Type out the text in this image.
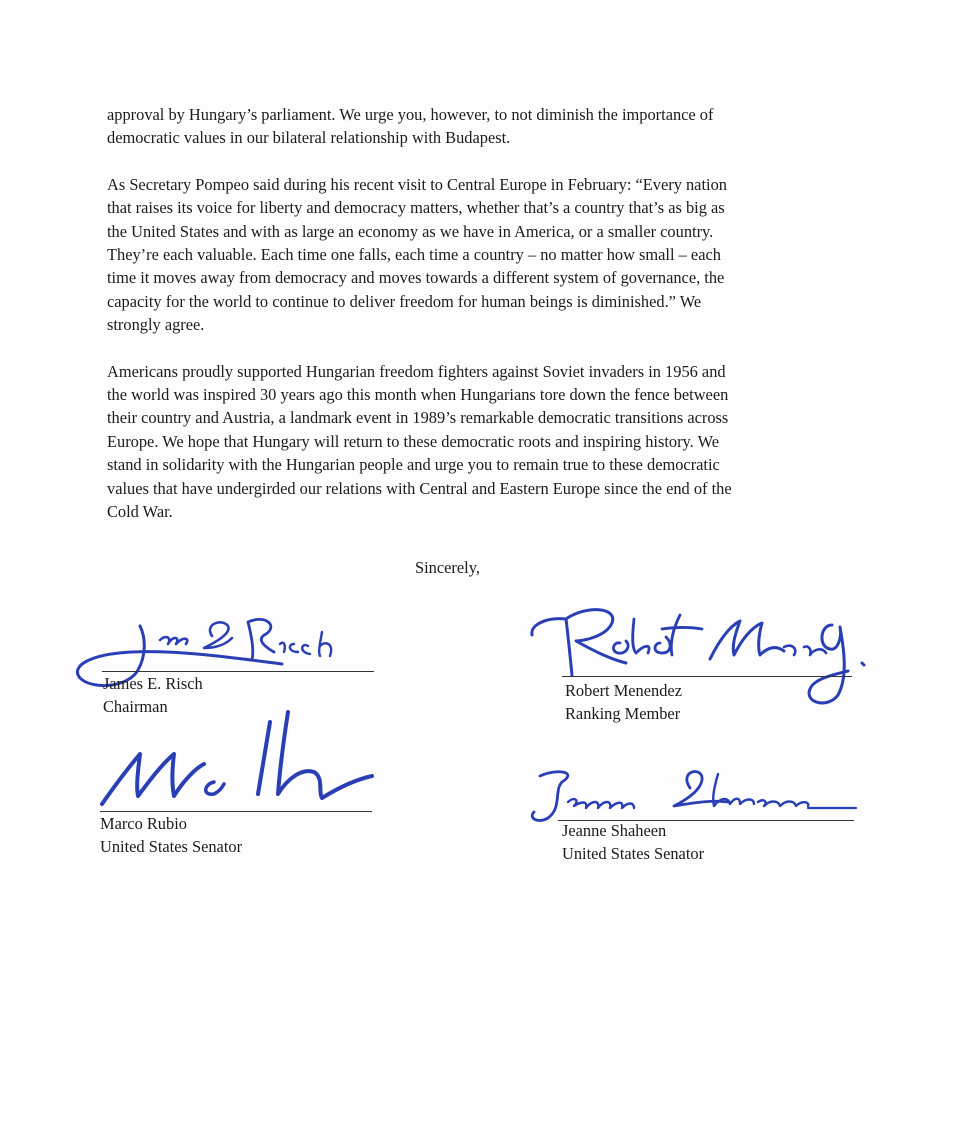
approval by Hungary’s parliament. We urge you, however, to not diminish the importance of
democratic values in our bilateral relationship with Budapest.

As Secretary Pompeo said during his recent visit to Central Europe in February: “Every nation
that raises its voice for liberty and democracy matters, whether that’s a country that’s as big as
the United States and with as large an economy as we have in America, or a smaller country.
They’re each valuable. Each time one falls, each time a country – no matter how small – each
time it moves away from democracy and moves towards a different system of governance, the
capacity for the world to continue to deliver freedom for human beings is diminished.” We
strongly agree.

Americans proudly supported Hungarian freedom fighters against Soviet invaders in 1956 and
the world was inspired 30 years ago this month when Hungarians tore down the fence between
their country and Austria, a landmark event in 1989’s remarkable democratic transitions across
Europe. We hope that Hungary will return to these democratic roots and inspiring history. We
stand in solidarity with the Hungarian people and urge you to remain true to these democratic
values that have undergirded our relations with Central and Eastern Europe since the end of the
Cold War.

Sincerely,
James E. Risch
Chairman
Robert Menendez
Ranking Member
Marco Rubio
United States Senator
Jeanne Shaheen
United States Senator
